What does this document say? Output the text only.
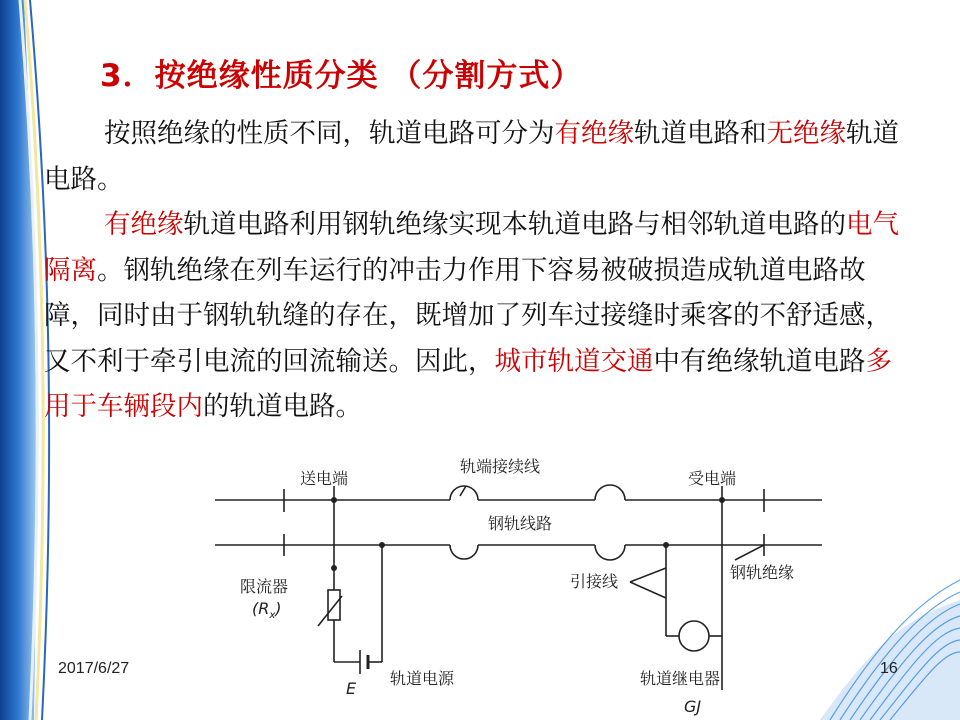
3．按绝缘性质分类 （分割方式）

按照绝缘的性质不同，轨道电路可分为有绝缘轨道电路和无绝缘轨道电路。

有绝缘轨道电路利用钢轨绝缘实现本轨道电路与相邻轨道电路的电气隔离。钢轨绝缘在列车运行的冲击力作用下容易被破损造成轨道电路故障，同时由于钢轨轨缝的存在，既增加了列车过接缝时乘客的不舒适感，又不利于牵引电流的回流输送。因此，城市轨道交通中有绝缘轨道电路多用于车辆段内的轨道电路。

送电端
轨端接续线
受电端
钢轨线路
引接线	钢轨绝缘
限流器
$(R_x)$
轨道电源
E
轨道继电器
GJ
2017/6/27	16
